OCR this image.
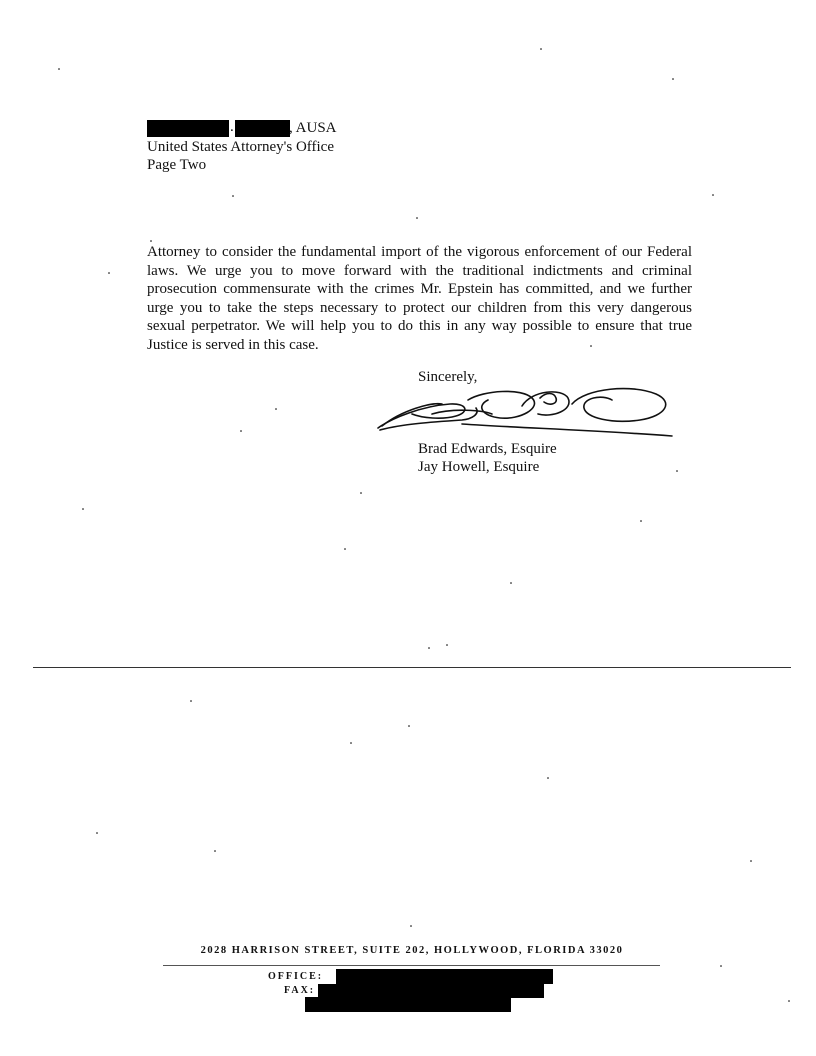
.	, AUSA
United States Attorney's Office
Page Two
Attorney to consider the fundamental import of the vigorous enforcement of our Federal laws. We urge you to move forward with the traditional indictments and criminal prosecution commensurate with the crimes Mr. Epstein has committed, and we further urge you to take the steps necessary to protect our children from this very dangerous sexual perpetrator. We will help you to do this in any way possible to ensure that true Justice is served in this case.
Sincerely,
Brad Edwards, Esquire
Jay Howell, Esquire
2028 HARRISON STREET, SUITE 202, HOLLYWOOD, FLORIDA 33020
OFFICE:
FAX:
